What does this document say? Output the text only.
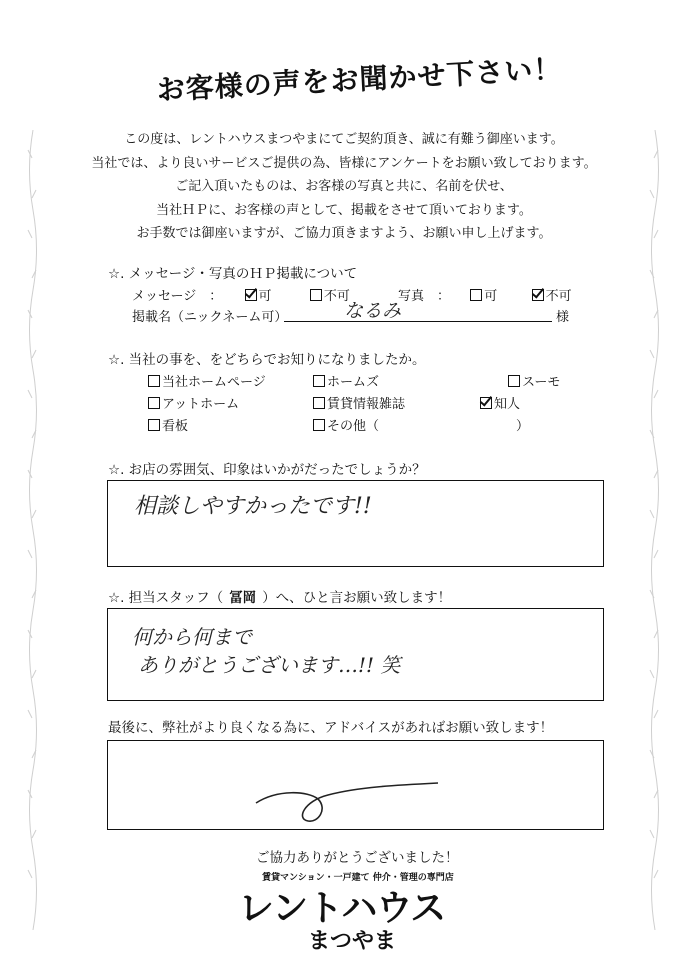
お客様の声をお聞かせ下さい！
この度は、レントハウスまつやまにてご契約頂き、誠に有難う御座います。
当社では、より良いサービスご提供の為、皆様にアンケートをお願い致しております。
ご記入頂いたものは、お客様の写真と共に、名前を伏せ、
当社ＨＰに、お客様の声として、掲載をさせて頂いております。
お手数では御座いますが、ご協力頂きますよう、お願い申し上げます。
☆. メッセージ・写真のＨＰ掲載について
メッセージ　：	可	不可	写真　：	可	不可
掲載名（ニックネーム可）	なるみ	様
☆. 当社の事を、をどちらでお知りになりましたか。
当社ホームページ	ホームズ	スーモ
アットホーム	賃貸情報雑誌	知人
看板	その他（	）
☆. お店の雰囲気、印象はいかがだったでしょうか？
相談しやすかったです!!
☆. 担当スタッフ（ 冨岡 ）へ、ひと言お願い致します！
何から何まで
ありがとうございます…!! 笑
最後に、弊社がより良くなる為に、アドバイスがあればお願い致します！
ご協力ありがとうございました！
賃貸マンション・一戸建て 仲介・管理の専門店
レントハウス
まつやま
